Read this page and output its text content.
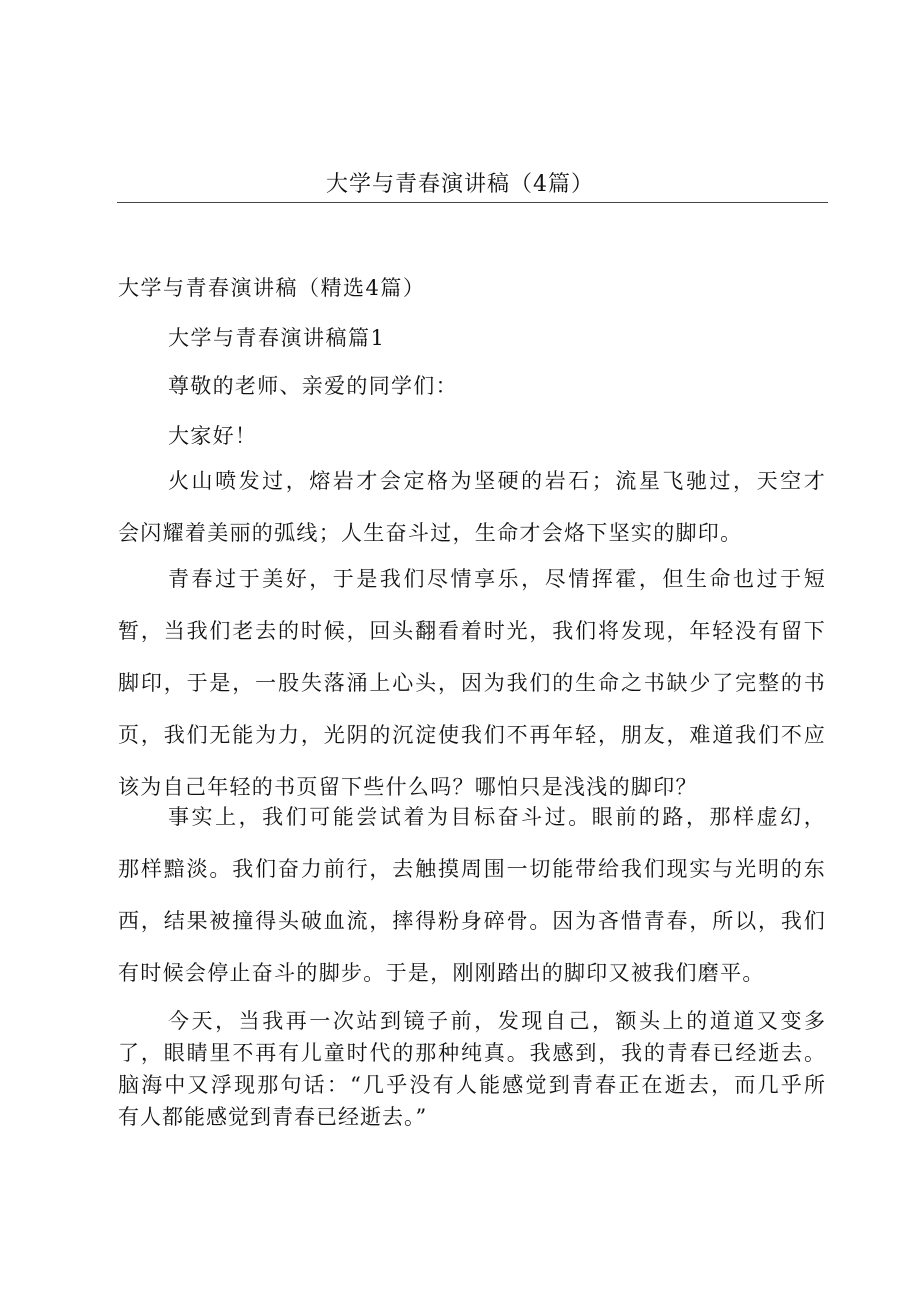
大学与青春演讲稿（4篇）

大学与青春演讲稿（精选4篇）

大学与青春演讲稿篇1

尊敬的老师、亲爱的同学们：

大家好！

火山喷发过，熔岩才会定格为坚硬的岩石；流星飞驰过，天空才
会闪耀着美丽的弧线；人生奋斗过，生命才会烙下坚实的脚印。
青春过于美好，于是我们尽情享乐，尽情挥霍，但生命也过于短
暂，当我们老去的时候，回头翻看着时光，我们将发现，年轻没有留下
脚印，于是，一股失落涌上心头，因为我们的生命之书缺少了完整的书
页，我们无能为力，光阴的沉淀使我们不再年轻，朋友，难道我们不应
该为自己年轻的书页留下些什么吗？哪怕只是浅浅的脚印？
事实上，我们可能尝试着为目标奋斗过。眼前的路，那样虚幻，
那样黯淡。我们奋力前行，去触摸周围一切能带给我们现实与光明的东
西，结果被撞得头破血流，摔得粉身碎骨。因为吝惜青春，所以，我们
有时候会停止奋斗的脚步。于是，刚刚踏出的脚印又被我们磨平。
今天，当我再一次站到镜子前，发现自己，额头上的道道又变多
了，眼睛里不再有儿童时代的那种纯真。我感到，我的青春已经逝去。
脑海中又浮现那句话：“几乎没有人能感觉到青春正在逝去，而几乎所
有人都能感觉到青春已经逝去。”
